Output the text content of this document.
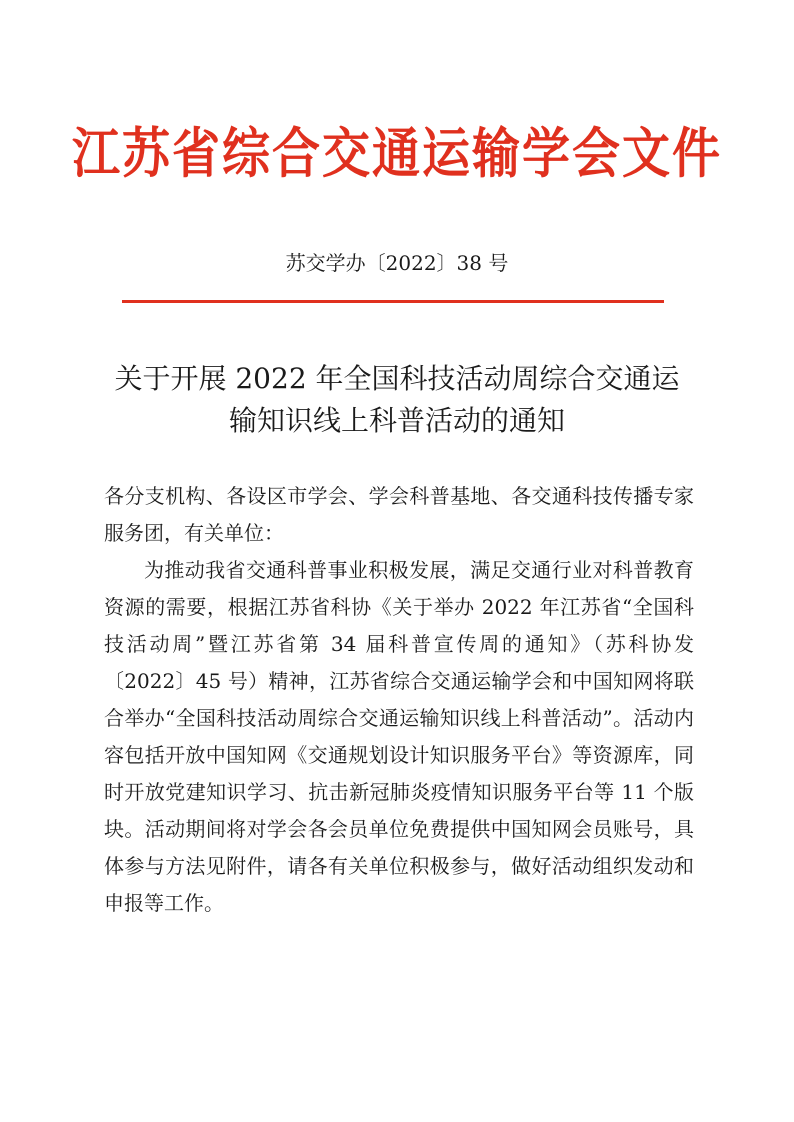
江苏省综合交通运输学会文件
苏交学办〔2022〕38 号
关于开展 2022 年全国科技活动周综合交通运
输知识线上科普活动的通知

各分支机构、各设区市学会、学会科普基地、各交通科技传播专家服务团，有关单位：

为推动我省交通科普事业积极发展，满足交通行业对科普教育资源的需要，根据江苏省科协《关于举办 2022 年江苏省“全国科技活动周”暨江苏省第 34 届科普宣传周的通知》（苏科协发〔2022〕45 号）精神，江苏省综合交通运输学会和中国知网将联合举办“全国科技活动周综合交通运输知识线上科普活动”。活动内容包括开放中国知网《交通规划设计知识服务平台》等资源库，同时开放党建知识学习、抗击新冠肺炎疫情知识服务平台等 11 个版块。活动期间将对学会各会员单位免费提供中国知网会员账号，具体参与方法见附件，请各有关单位积极参与，做好活动组织发动和申报等工作。
